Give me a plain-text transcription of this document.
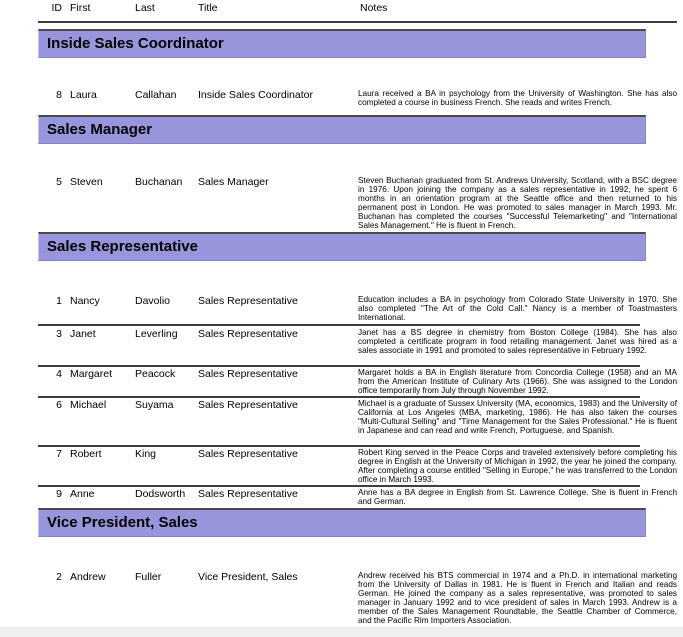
ID First	Last	Title	Notes
Inside Sales Coordinator
8 Laura	Callahan	Inside Sales Coordinator	Laura received a BA in psychology from the University of Washington. She has also completed a course in business French. She reads and writes French.
Sales Manager
5 Steven	Buchanan	Sales Manager	Steven Buchanan graduated from St. Andrews University, Scotland, with a BSC degree in 1976. Upon joining the company as a sales representative in 1992, he spent 6 months in an orientation program at the Seattle office and then returned to his permanent post in London. He was promoted to sales manager in March 1993. Mr. Buchanan has completed the courses "Successful Telemarketing" and "International Sales Management." He is fluent in French.
Sales Representative
1 Nancy	Davolio	Sales Representative	Education includes a BA in psychology from Colorado State University in 1970. She also completed "The Art of the Cold Call." Nancy is a member of Toastmasters International.
3 Janet	Leverling	Sales Representative	Janet has a BS degree in chemistry from Boston College (1984). She has also completed a certificate program in food retailing management. Janet was hired as a sales associate in 1991 and promoted to sales representative in February 1992.
4 Margaret	Peacock	Sales Representative	Margaret holds a BA in English literature from Concordia College (1958) and an MA from the American Institute of Culinary Arts (1966). She was assigned to the London office temporarily from July through November 1992.
6 Michael	Suyama	Sales Representative	Michael is a graduate of Sussex University (MA, economics, 1983) and the University of California at Los Angeles (MBA, marketing, 1986). He has also taken the courses "Multi-Cultural Selling" and "Time Management for the Sales Professional." He is fluent in Japanese and can read and write French, Portuguese, and Spanish.
7 Robert	King	Sales Representative	Robert King served in the Peace Corps and traveled extensively before completing his degree in English at the University of Michigan in 1992, the year he joined the company. After completing a course entitled "Selling in Europe," he was transferred to the London office in March 1993.
9 Anne	Dodsworth	Sales Representative	Anne has a BA degree in English from St. Lawrence College. She is fluent in French and German.
Vice President, Sales
2 Andrew	Fuller	Vice President, Sales	Andrew received his BTS commercial in 1974 and a Ph.D. in international marketing from the University of Dallas in 1981. He is fluent in French and Italian and reads German. He joined the company as a sales representative, was promoted to sales manager in January 1992 and to vice president of sales in March 1993. Andrew is a member of the Sales Management Roundtable, the Seattle Chamber of Commerce, and the Pacific Rim Importers Association.
